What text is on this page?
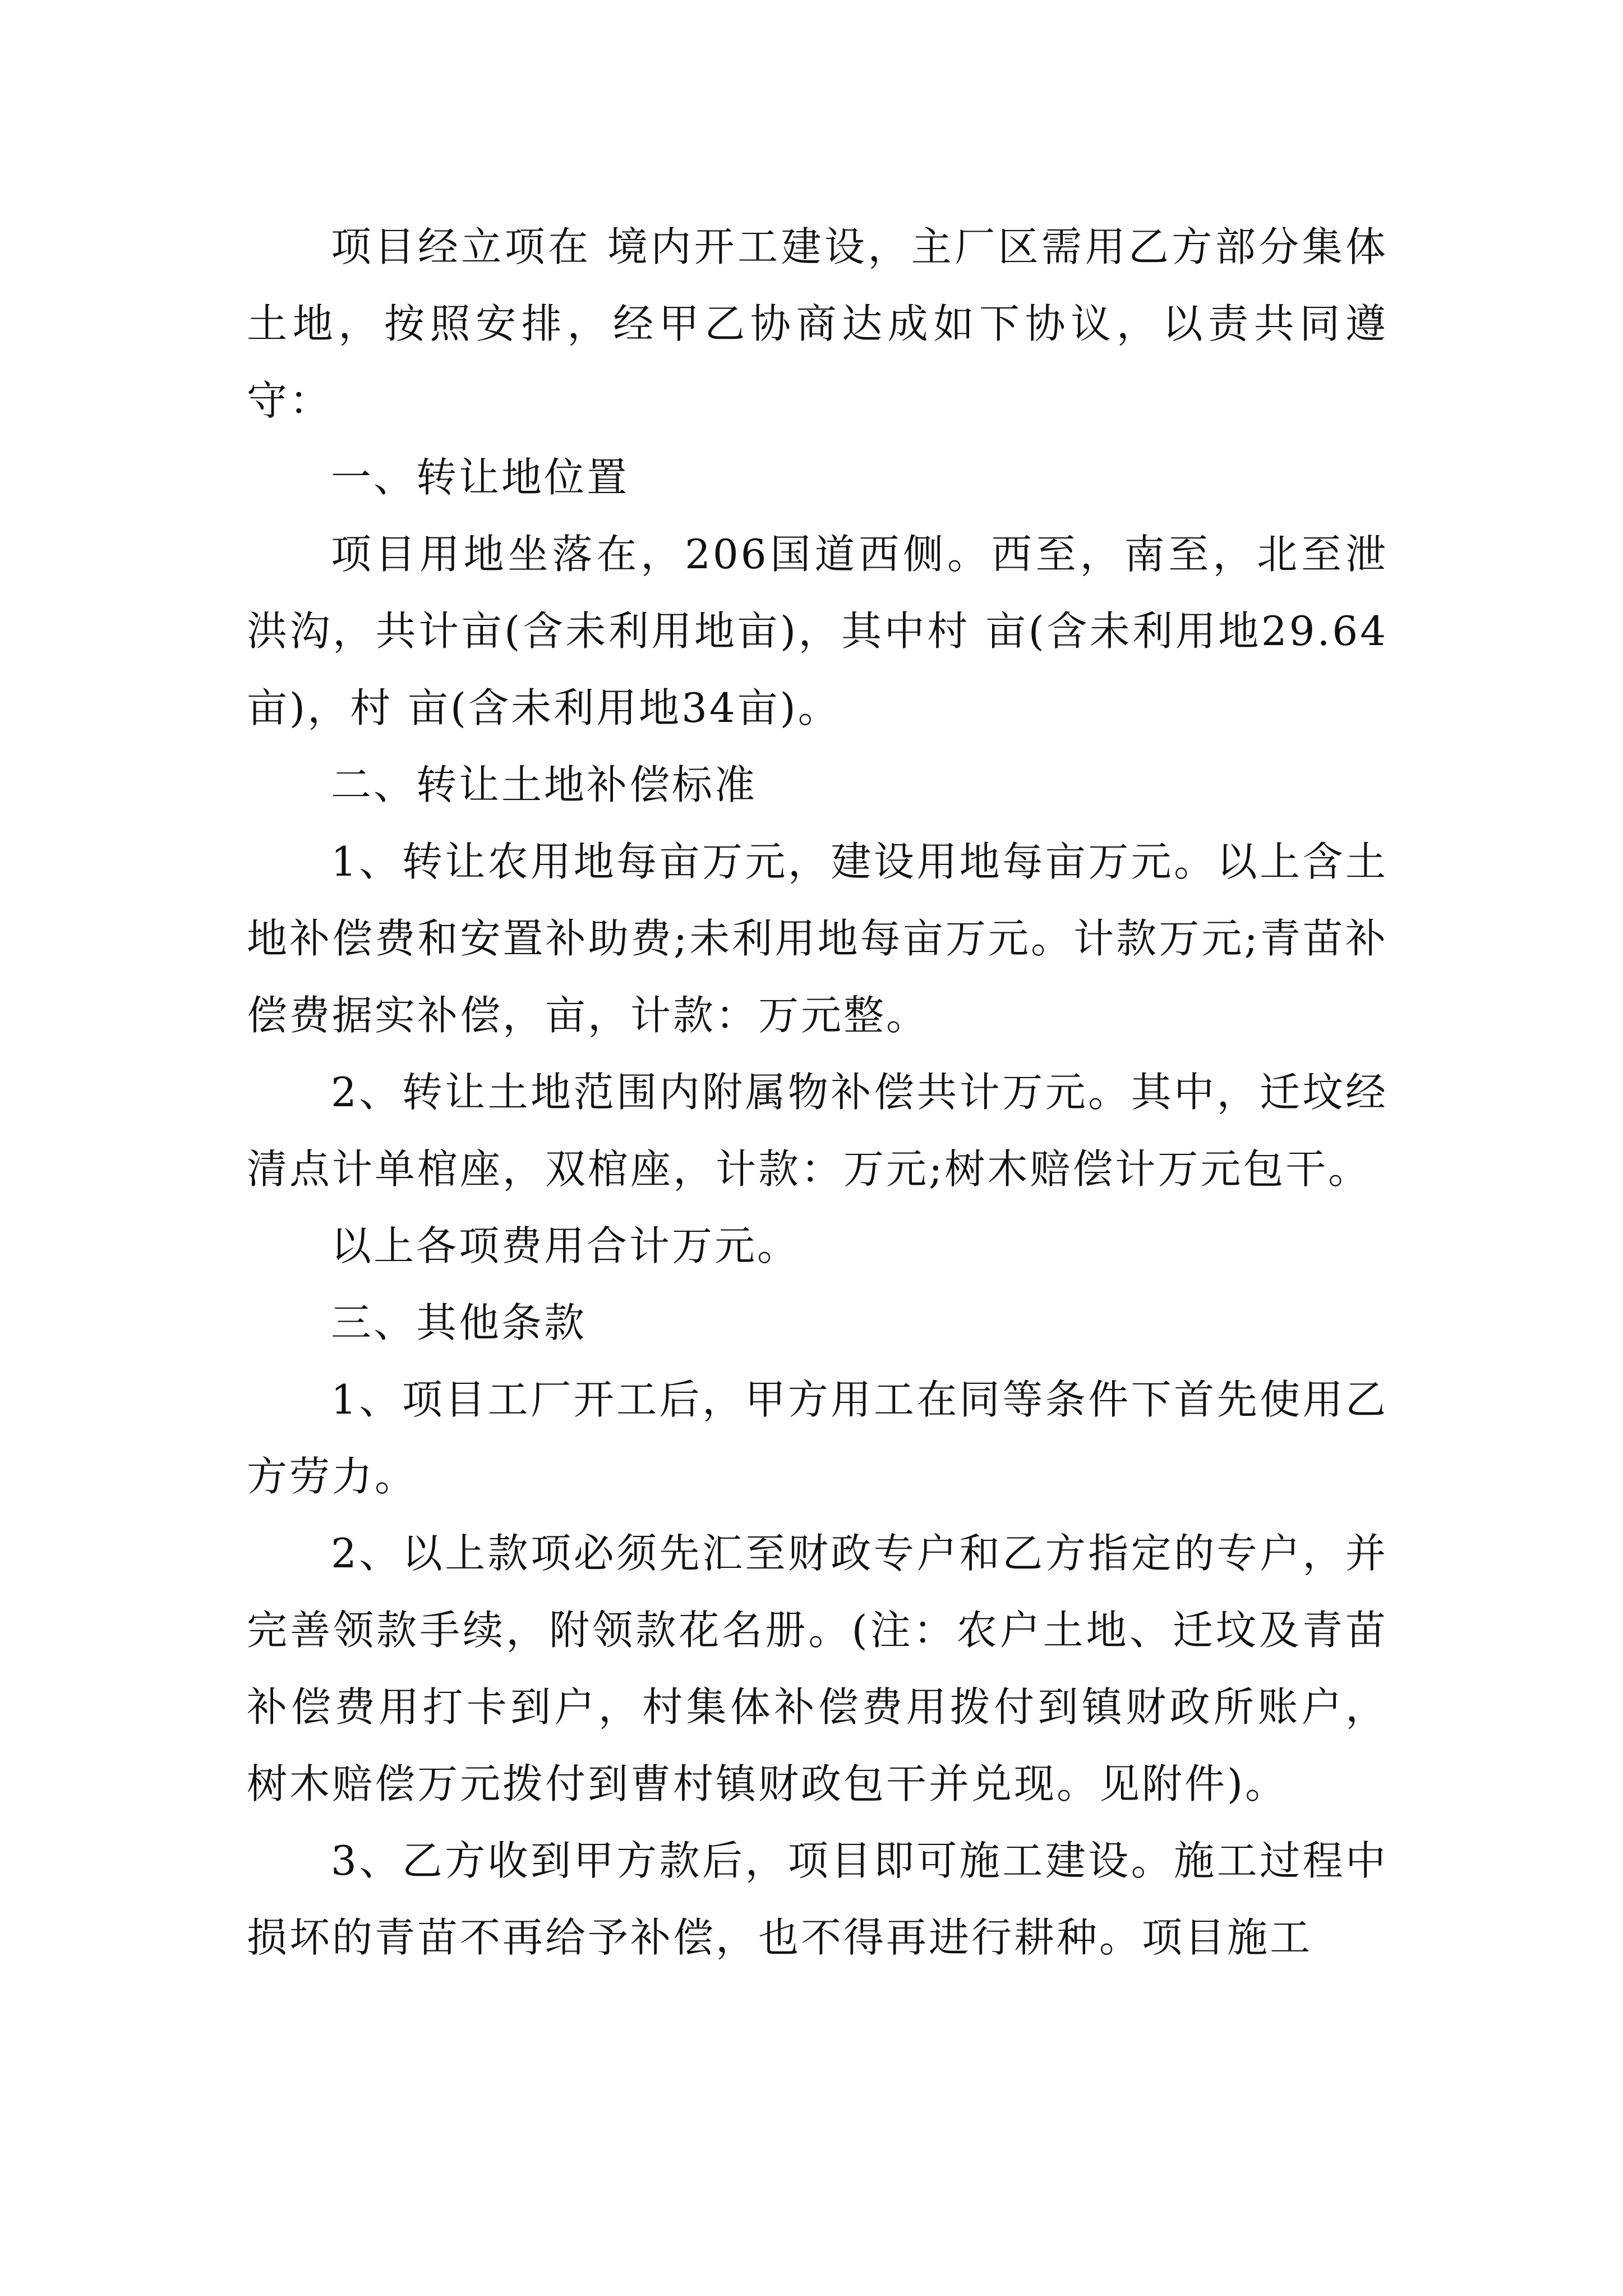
项目经立项在 境内开工建设，主厂区需用乙方部分集体土地，按照安排，经甲乙协商达成如下协议，以责共同遵守：

一、转让地位置

项目用地坐落在，206国道西侧。西至，南至，北至泄洪沟，共计亩(含未利用地亩)，其中村 亩(含未利用地29.64亩)，村 亩(含未利用地34亩)。

二、转让土地补偿标准

1、转让农用地每亩万元，建设用地每亩万元。以上含土地补偿费和安置补助费;未利用地每亩万元。计款万元;青苗补偿费据实补偿，亩，计款：万元整。

2、转让土地范围内附属物补偿共计万元。其中，迁坟经清点计单棺座，双棺座，计款：万元;树木赔偿计万元包干。

以上各项费用合计万元。

三、其他条款

1、项目工厂开工后，甲方用工在同等条件下首先使用乙方劳力。

2、以上款项必须先汇至财政专户和乙方指定的专户，并完善领款手续，附领款花名册。(注：农户土地、迁坟及青苗补偿费用打卡到户，村集体补偿费用拨付到镇财政所账户，树木赔偿万元拨付到曹村镇财政包干并兑现。见附件)。

3、乙方收到甲方款后，项目即可施工建设。施工过程中损坏的青苗不再给予补偿，也不得再进行耕种。项目施工
